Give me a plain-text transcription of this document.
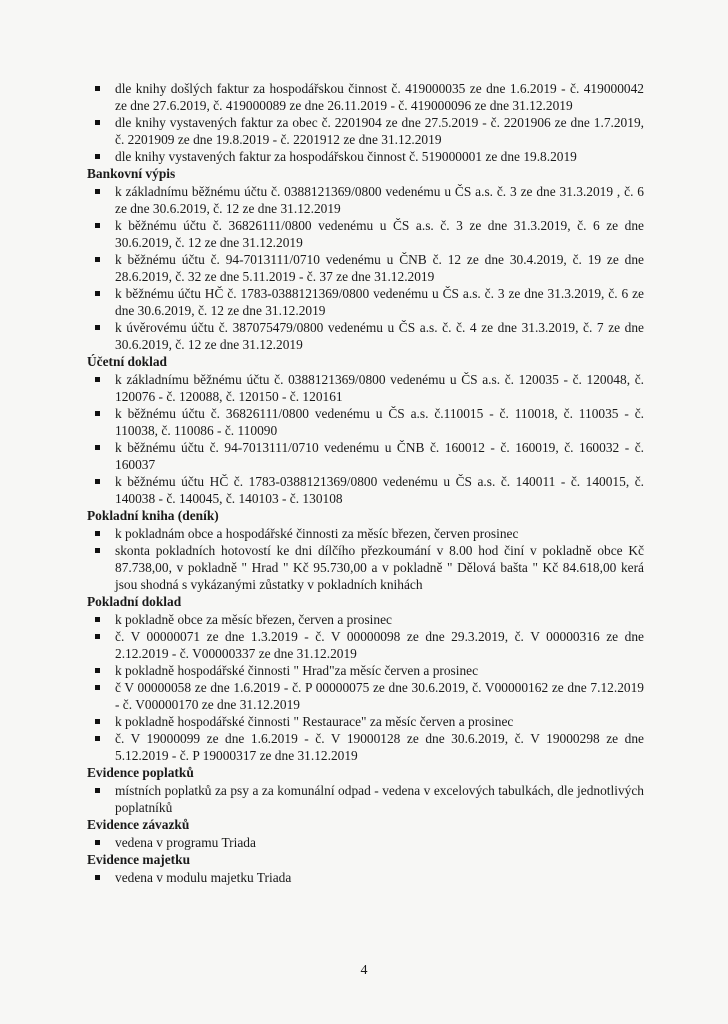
dle knihy došlých faktur za hospodářskou činnost č. 419000035 ze dne 1.6.2019 - č. 419000042 ze dne 27.6.2019, č. 419000089 ze dne 26.11.2019 - č. 419000096 ze dne 31.12.2019
dle knihy vystavených faktur za obec č. 2201904 ze dne 27.5.2019 - č. 2201906 ze dne 1.7.2019, č. 2201909 ze dne 19.8.2019 - č. 2201912 ze dne 31.12.2019
dle knihy vystavených faktur za hospodářskou činnost č. 519000001 ze dne 19.8.2019
Bankovní výpis
k základnímu běžnému účtu č. 0388121369/0800 vedenému u ČS a.s. č. 3 ze dne 31.3.2019 , č. 6 ze dne 30.6.2019, č. 12 ze dne 31.12.2019
k běžnému účtu č. 36826111/0800 vedenému u ČS a.s. č. 3 ze dne 31.3.2019, č. 6 ze dne 30.6.2019, č. 12 ze dne 31.12.2019
k běžnému účtu č. 94-7013111/0710 vedenému u ČNB č. 12 ze dne 30.4.2019, č. 19 ze dne 28.6.2019, č. 32 ze dne 5.11.2019 - č. 37 ze dne 31.12.2019
k běžnému účtu HČ č. 1783-0388121369/0800 vedenému u ČS a.s. č. 3 ze dne 31.3.2019, č. 6 ze dne 30.6.2019, č. 12 ze dne 31.12.2019
k úvěrovému účtu č. 387075479/0800 vedenému u ČS a.s. č. č. 4 ze dne 31.3.2019, č. 7 ze dne 30.6.2019, č. 12 ze dne 31.12.2019
Účetní doklad
k základnímu běžnému účtu č. 0388121369/0800 vedenému u ČS a.s. č. 120035 - č. 120048, č. 120076 - č. 120088, č. 120150 - č. 120161
k běžnému účtu č. 36826111/0800 vedenému u ČS a.s. č.110015 - č. 110018, č. 110035 - č. 110038, č. 110086 - č. 110090
k běžnému účtu č. 94-7013111/0710 vedenému u ČNB č. 160012 - č. 160019, č. 160032 - č. 160037
k běžnému účtu HČ č. 1783-0388121369/0800 vedenému u ČS a.s. č. 140011 - č. 140015, č. 140038 - č. 140045, č. 140103 - č. 130108
Pokladní kniha (deník)
k pokladnám obce a hospodářské činnosti za měsíc březen, červen prosinec
skonta pokladních hotovostí ke dni dílčího přezkoumání v 8.00 hod činí v pokladně obce Kč 87.738,00, v pokladně " Hrad " Kč 95.730,00 a v pokladně " Dělová bašta " Kč 84.618,00 kerá jsou shodná s vykázanými zůstatky v pokladních knihách
Pokladní doklad
k pokladně obce za měsíc březen, červen a prosinec
č. V 00000071 ze dne 1.3.2019 - č. V 00000098 ze dne 29.3.2019, č. V 00000316 ze dne 2.12.2019 - č. V00000337 ze dne 31.12.2019
k pokladně hospodářské činnosti " Hrad"za měsíc červen a prosinec
č V 00000058 ze dne 1.6.2019 - č. P 00000075 ze dne 30.6.2019, č. V00000162 ze dne 7.12.2019 - č. V00000170 ze dne 31.12.2019
k pokladně hospodářské činnosti " Restaurace" za měsíc červen a prosinec
č. V 19000099 ze dne 1.6.2019 - č. V 19000128 ze dne 30.6.2019, č. V 19000298 ze dne 5.12.2019 - č. P 19000317 ze dne 31.12.2019
Evidence poplatků
místních poplatků za psy a za komunální odpad - vedena v excelových tabulkách, dle jednotlivých poplatníků
Evidence závazků
vedena v programu Triada
Evidence majetku
vedena v modulu majetku Triada
4
